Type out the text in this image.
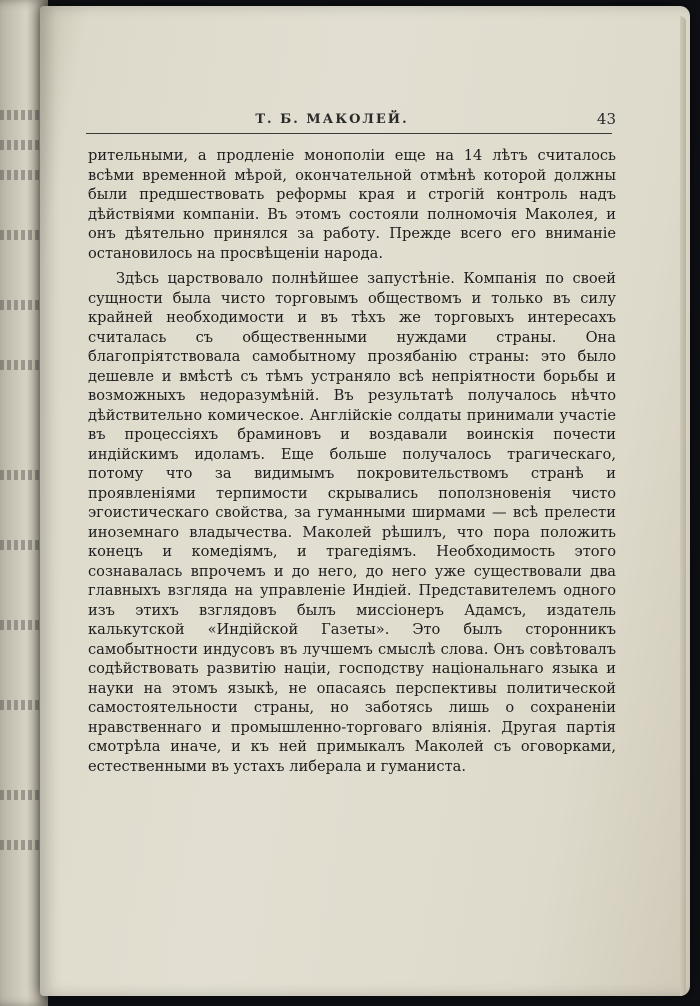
Т. Б. МАКОЛЕЙ.	43

рительными, а продленіе монополіи еще на 14 лѣтъ считалось всѣми временной мѣрой, окончательной отмѣнѣ которой должны были предшествовать реформы края и строгій контроль надъ дѣйствіями компаніи. Въ этомъ состояли полномочія Маколея, и онъ дѣятельно принялся за работу. Прежде всего его вниманіе остановилось на просвѣщеніи народа.

Здѣсь царствовало полнѣйшее запустѣніе. Компанія по своей сущности была чисто торговымъ обществомъ и только въ силу крайней необходимости и въ тѣхъ же торговыхъ интересахъ считалась съ общественными нуждами страны. Она благопріятствовала самобытному прозябанію страны: это было дешевле и вмѣстѣ съ тѣмъ устраняло всѣ непріятности борьбы и возможныхъ недоразумѣній. Въ результатѣ получалось нѣчто дѣйствительно комическое. Англійскіе солдаты принимали участіе въ процессіяхъ браминовъ и воздавали воинскія почести индійскимъ идоламъ. Еще больше получалось трагическаго, потому что за видимымъ покровительствомъ странѣ и проявленіями терпимости скрывались поползновенія чисто эгоистическаго свойства, за гуманными ширмами — всѣ прелести иноземнаго владычества. Маколей рѣшилъ, что пора положить конецъ и комедіямъ, и трагедіямъ. Необходимость этого сознавалась впрочемъ и до него, до него уже существовали два главныхъ взгляда на управленіе Индіей. Представителемъ одного изъ этихъ взглядовъ былъ миссіонеръ Адамсъ, издатель калькутской «Индійской Газеты». Это былъ сторонникъ самобытности индусовъ въ лучшемъ смыслѣ слова. Онъ совѣтовалъ содѣйствовать развитію націи, господству національнаго языка и науки на этомъ языкѣ, не опасаясь перспективы политической самостоятельности страны, но заботясь лишь о сохраненіи нравственнаго и промышленно-торговаго вліянія. Другая партія смотрѣла иначе, и къ ней примыкалъ Маколей съ оговорками, естественными въ устахъ либерала и гуманиста.
